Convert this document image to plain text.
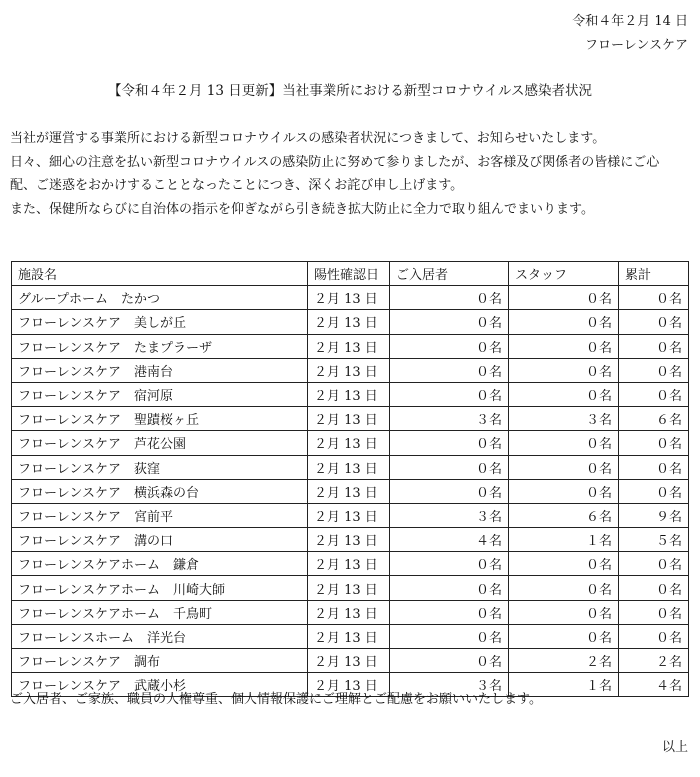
令和４年２月 14 日
フローレンスケア
【令和４年２月 13 日更新】当社事業所における新型コロナウイルス感染者状況

当社が運営する事業所における新型コロナウイルスの感染者状況につきまして、お知らせいたします。

日々、細心の注意を払い新型コロナウイルスの感染防止に努めて参りましたが、お客様及び関係者の皆様にご心

配、ご迷惑をおかけすることとなったことにつき、深くお詫び申し上げます。

また、保健所ならびに自治体の指示を仰ぎながら引き続き拡大防止に全力で取り組んでまいります。

施設名	陽性確認日	ご入居者	スタッフ	累計
グループホーム　たかつ	２月 13 日	０名	０名	０名
フローレンスケア　美しが丘	２月 13 日	０名	０名	０名
フローレンスケア　たまプラーザ	２月 13 日	０名	０名	０名
フローレンスケア　港南台	２月 13 日	０名	０名	０名
フローレンスケア　宿河原	２月 13 日	０名	０名	０名
フローレンスケア　聖蹟桜ヶ丘	２月 13 日	３名	３名	６名
フローレンスケア　芦花公園	２月 13 日	０名	０名	０名
フローレンスケア　荻窪	２月 13 日	０名	０名	０名
フローレンスケア　横浜森の台	２月 13 日	０名	０名	０名
フローレンスケア　宮前平	２月 13 日	３名	６名	９名
フローレンスケア　溝の口	２月 13 日	４名	１名	５名
フローレンスケアホーム　鎌倉	２月 13 日	０名	０名	０名
フローレンスケアホーム　川崎大師	２月 13 日	０名	０名	０名
フローレンスケアホーム　千鳥町	２月 13 日	０名	０名	０名
フローレンスホーム　洋光台	２月 13 日	０名	０名	０名
フローレンスケア　調布	２月 13 日	０名	２名	２名
フローレンスケア　武蔵小杉	２月 13 日	３名	１名	４名
ご入居者、ご家族、職員の人権尊重、個人情報保護にご理解とご配慮をお願いいたします。
以上
